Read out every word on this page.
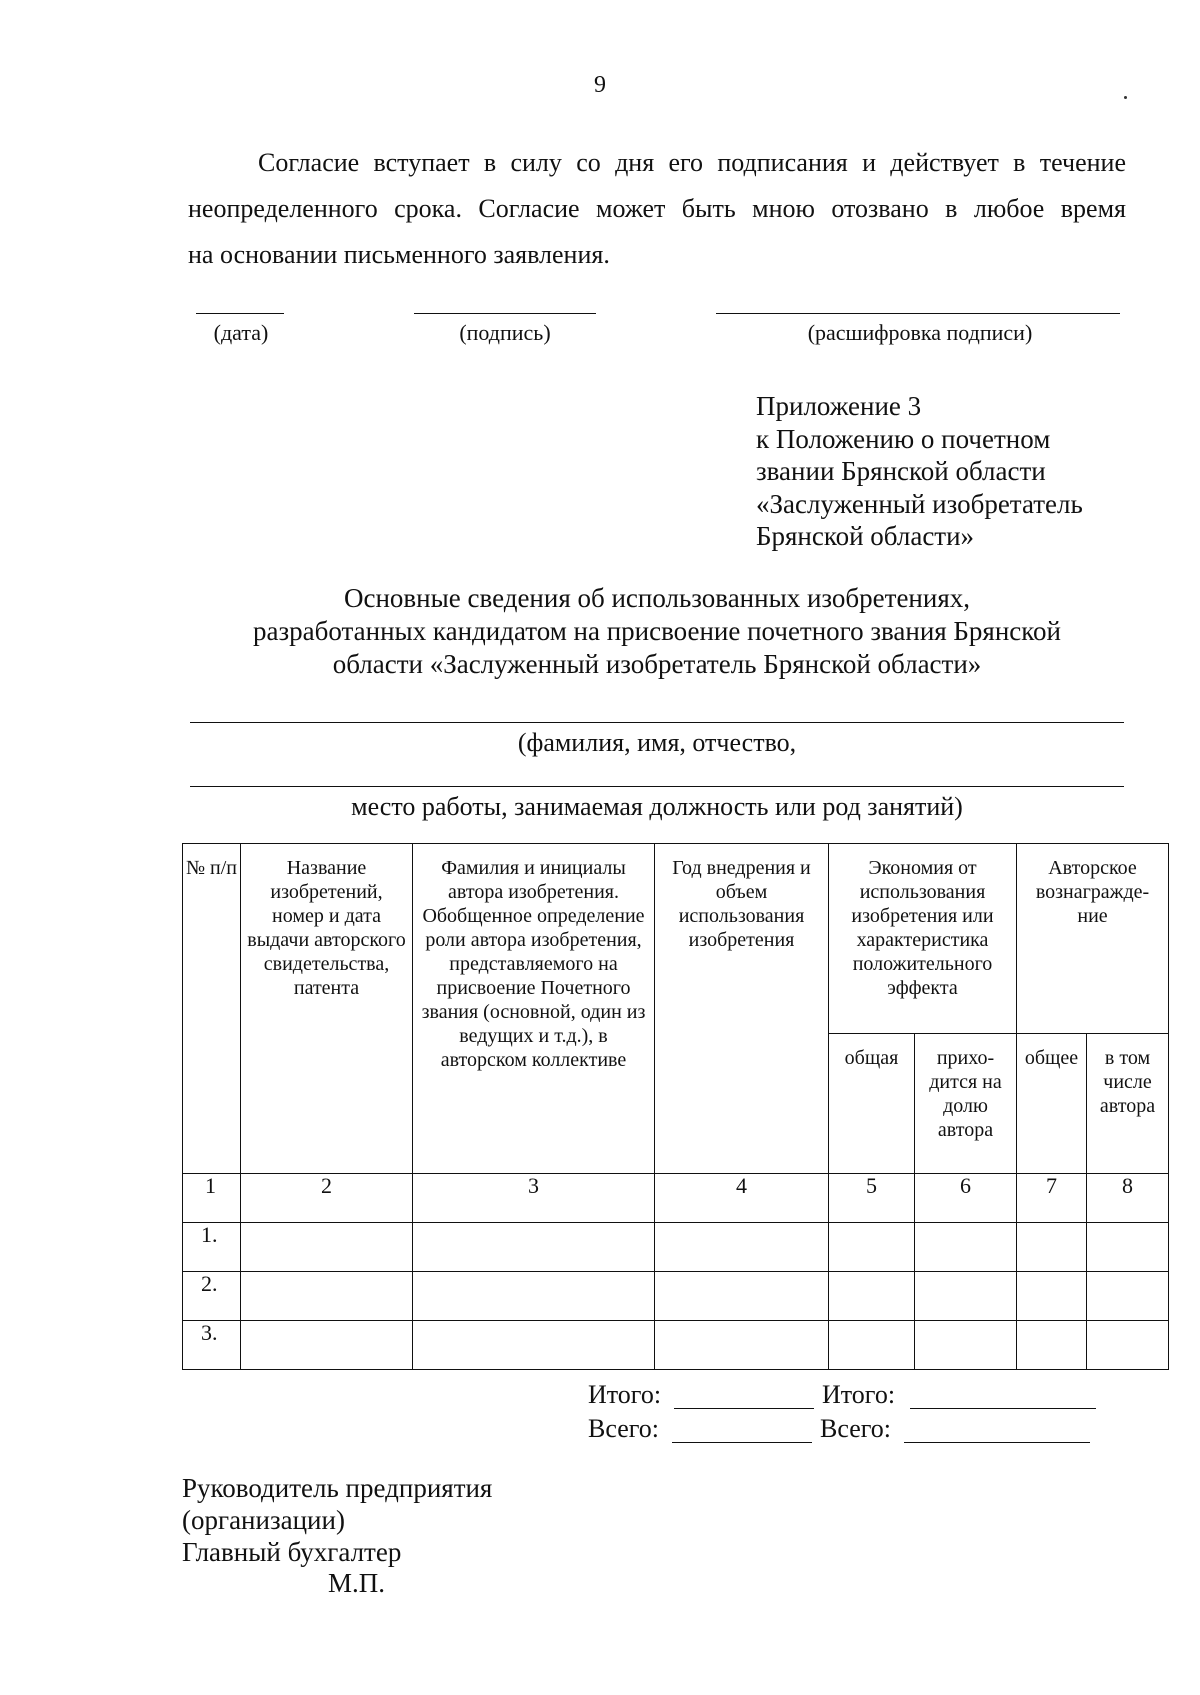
9
Согласие вступает в силу со дня его подписания и действует в течение
неопределенного срока. Согласие может быть мною отозвано в любое время
на основании письменного заявления.
(дата)	(подпись)	(расшифровка подписи)
Приложение 3
к Положению о почетном
звании Брянской области
«Заслуженный изобретатель
Брянской области»
Основные сведения об использованных изобретениях,
разработанных кандидатом на присвоение почетного звания Брянской
области «Заслуженный изобретатель Брянской области»
(фамилия, имя, отчество,
место работы, занимаемая должность или род занятий)
№ п/п	Название изобретений, номер и дата выдачи авторского свидетельства, патента	Фамилия и инициалы автора изобретения. Обобщенное определение роли автора изобретения, представляемого на присвоение Почетного звания (основной, один из ведущих и т.д.), в авторском коллективе	Год внедрения и объем использования изобретения	Экономия от использования изобретения или характеристика положительного эффекта		Авторское вознагражде-ние	
				общая	прихо-дится на долю автора	общее	в том числе автора
1	2	3	4	5	6	7	8
1.							
2.							
3.							
Итого:	Итого:
Всего:	Всего:
Руководитель предприятия
(организации)
Главный бухгалтер
М.П.
